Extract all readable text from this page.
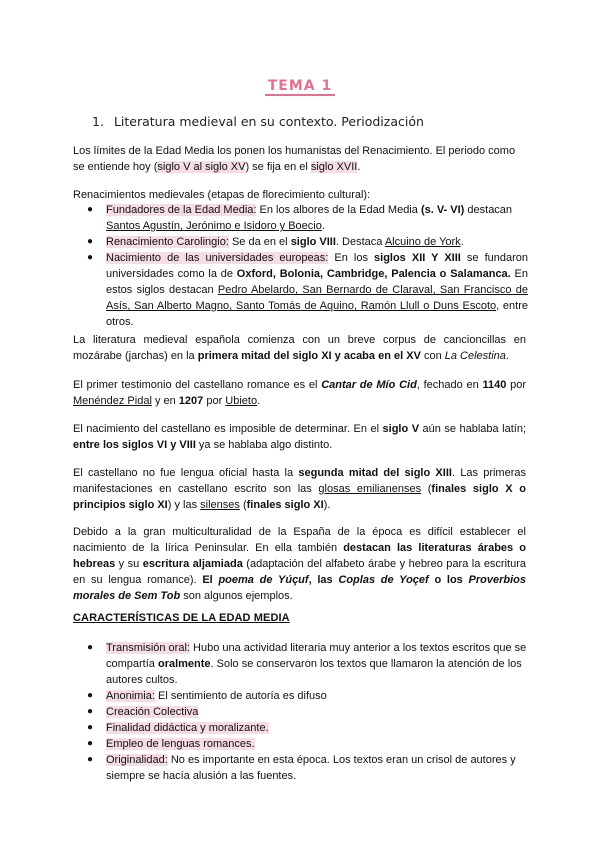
TEMA 1
1. Literatura medieval en su contexto. Periodización

Los límites de la Edad Media los ponen los humanistas del Renacimiento. El periodo como se entiende hoy (siglo V al siglo XV) se fija en el siglo XVII.

Renacimientos medievales (etapas de florecimiento cultural):

● Fundadores de la Edad Media: En los albores de la Edad Media (s. V- VI) destacan Santos Agustín, Jerónimo e Isidoro y Boecio.
● Renacimiento Carolingio: Se da en el siglo VIII. Destaca Alcuino de York.
● Nacimiento de las universidades europeas: En los siglos XII Y XIII se fundaron universidades como la de Oxford, Bolonia, Cambridge, Palencia o Salamanca. En estos siglos destacan Pedro Abelardo, San Bernardo de Claraval, San Francisco de Asís, San Alberto Magno, Santo Tomás de Aquino, Ramón Llull o Duns Escoto, entre otros.

La literatura medieval española comienza con un breve corpus de cancioncillas en mozárabe (jarchas) en la primera mitad del siglo XI y acaba en el XV con La Celestina.

El primer testimonio del castellano romance es el Cantar de Mío Cid, fechado en 1140 por Menéndez Pidal y en 1207 por Ubieto.

El nacimiento del castellano es imposible de determinar. En el siglo V aún se hablaba latín; entre los siglos VI y VIII ya se hablaba algo distinto.

El castellano no fue lengua oficial hasta la segunda mitad del siglo XIII. Las primeras manifestaciones en castellano escrito son las glosas emilianenses (finales siglo X o principios siglo XI) y las silenses (finales siglo XI).

Debido a la gran multiculturalidad de la España de la época es difícil establecer el nacimiento de la lírica Peninsular. En ella también destacan las literaturas árabes o hebreas y su escritura aljamiada (adaptación del alfabeto árabe y hebreo para la escritura en su lengua romance). El poema de Yúçuf, las Coplas de Yoçef o los Proverbios morales de Sem Tob son algunos ejemplos.

CARACTERÍSTICAS DE LA EDAD MEDIA
● Transmisión oral: Hubo una actividad literaria muy anterior a los textos escritos que se compartía oralmente. Solo se conservaron los textos que llamaron la atención de los autores cultos.
● Anonimia: El sentimiento de autoría es difuso
● Creación Colectiva
● Finalidad didáctica y moralizante.
● Empleo de lenguas romances.
● Originalidad: No es importante en esta época. Los textos eran un crisol de autores y siempre se hacía alusión a las fuentes.
